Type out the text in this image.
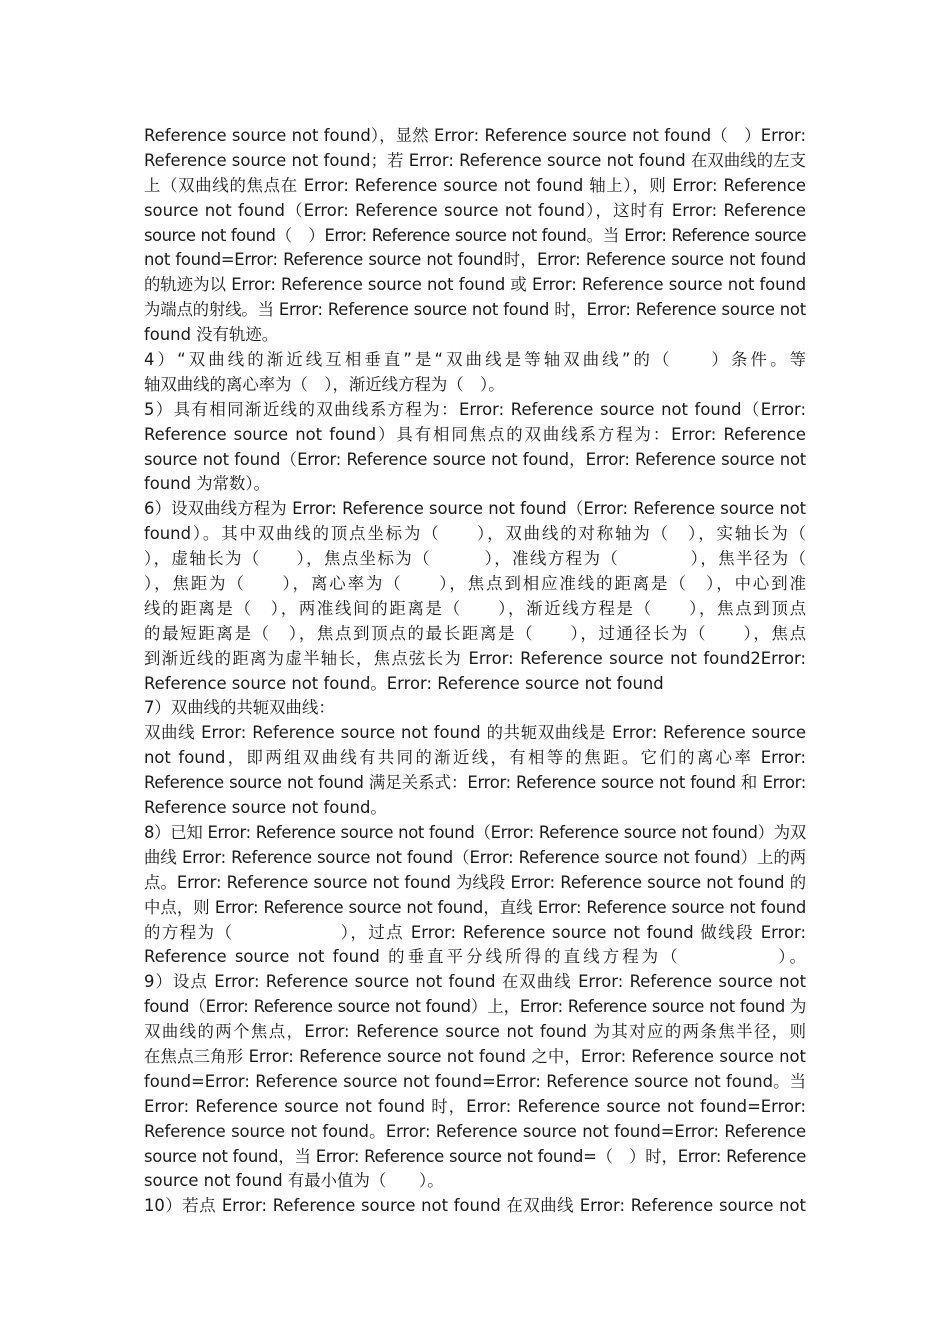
Reference source not found），显然 Error: Reference source not found（　）Error:
Reference source not found；若 Error: Reference source not found 在双曲线的左支
上（双曲线的焦点在 Error: Reference source not found 轴上），则 Error: Reference
source not found（Error: Reference source not found），这时有 Error: Reference
source not found（　）Error: Reference source not found。当 Error: Reference source
not found=Error: Reference source not found时，Error: Reference source not found
的轨迹为以 Error: Reference source not found 或 Error: Reference source not found
为端点的射线。当 Error: Reference source not found 时，Error: Reference source not
found 没有轨迹。
4）“双曲线的渐近线互相垂直”是“双曲线是等轴双曲线”的（　　）条件。等
轴双曲线的离心率为（　），渐近线方程为（　）。
5）具有相同渐近线的双曲线系方程为：Error: Reference source not found（Error:
Reference source not found）具有相同焦点的双曲线系方程为：Error: Reference
source not found（Error: Reference source not found，Error: Reference source not
found 为常数）。
6）设双曲线方程为 Error: Reference source not found（Error: Reference source not
found）。其中双曲线的顶点坐标为（　　），双曲线的对称轴为（　），实轴长为（
），虚轴长为（　　），焦点坐标为（　　　），准线方程为（　　　　），焦半径为（
），焦距为（　　），离心率为（　　），焦点到相应准线的距离是（　），中心到准
线的距离是（　），两准线间的距离是（　　），渐近线方程是（　　），焦点到顶点
的最短距离是（　），焦点到顶点的最长距离是（　　），过通径长为（　　），焦点
到渐近线的距离为虚半轴长，焦点弦长为 Error: Reference source not found2Error:
Reference source not found。Error: Reference source not found
7）双曲线的共轭双曲线：
双曲线 Error: Reference source not found 的共轭双曲线是 Error: Reference source
not found，即两组双曲线有共同的渐近线，有相等的焦距。它们的离心率 Error:
Reference source not found 满足关系式：Error: Reference source not found 和 Error:
Reference source not found。
8）已知 Error: Reference source not found（Error: Reference source not found）为双
曲线 Error: Reference source not found（Error: Reference source not found）上的两
点。Error: Reference source not found 为线段 Error: Reference source not found 的
中点，则 Error: Reference source not found，直线 Error: Reference source not found
的方程为（　　　　　　），过点 Error: Reference source not found 做线段 Error:
Reference source not found 的垂直平分线所得的直线方程为（　　　　　）。
9）设点 Error: Reference source not found 在双曲线 Error: Reference source not
found（Error: Reference source not found）上，Error: Reference source not found 为
双曲线的两个焦点，Error: Reference source not found 为其对应的两条焦半径，则
在焦点三角形 Error: Reference source not found 之中，Error: Reference source not
found=Error: Reference source not found=Error: Reference source not found。当
Error: Reference source not found 时，Error: Reference source not found=Error:
Reference source not found。Error: Reference source not found=Error: Reference
source not found，当 Error: Reference source not found=（　）时，Error: Reference
source not found 有最小值为（　　）。
10）若点 Error: Reference source not found 在双曲线 Error: Reference source not
